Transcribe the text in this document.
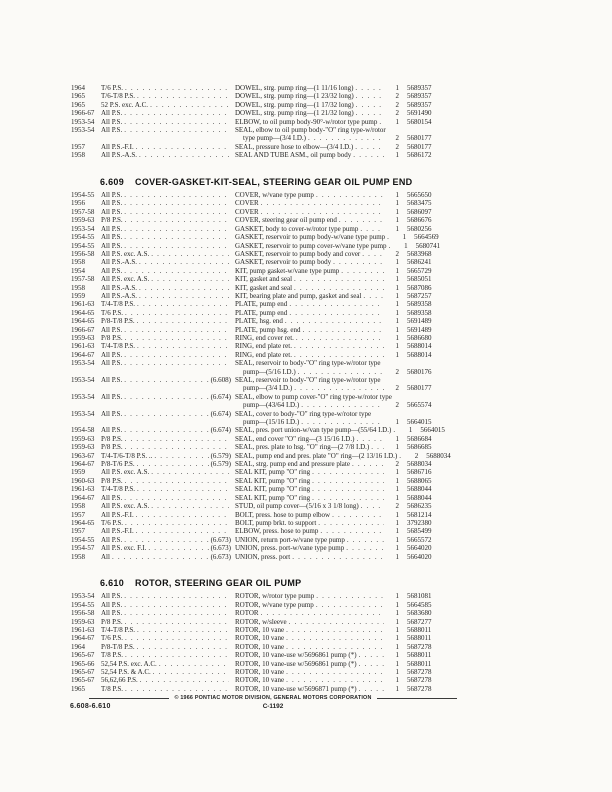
1964	T/6 P.S. . . .	DOWEL, strg. pump ring—(1 11/16 long) . . .	1 5689357
1965	T/6-T/8 P.S. . . .	DOWEL, strg. pump ring—(1 23/32 long) . . .	2 5689357
1965	52 P.S. exc. A.C. . . .	DOWEL, strg. pump ring—(1 17/32 long) . . .	2 5689357
1966-67 All P.S. . . .	DOWEL, strg. pump ring—(1 21/32 long) . . .	2 5691490
1953-54 All P.S. . . .	ELBOW, to oil pump body-90°-w/rotor type pump . . .	1 5680154
1953-54 All P.S. . . .	SEAL, elbow to oil pump body-"O" ring type-w/rotor
type pump—(3/4 I.D.) . . .	2 5680177
1957	All P.S.-F.I. . . .	SEAL, pressure hose to elbow—(3/4 I.D.) . . .	2 5680177
1958	All P.S.-A.S. . . .	SEAL AND TUBE ASM., oil pump body . . .	1 5686172
6.609 COVER-GASKET-KIT-SEAL, STEERING GEAR OIL PUMP END
1954-55 All P.S. . . .	COVER, w/vane type pump . . .	1 5665650
1956	All P.S. . . .	COVER . . .	1 5683475
1957-58 All P.S. . . .	COVER . . .	1 5686097
1959-63 P/8 P.S. . . .	COVER, steering gear oil pump end . . .	1 5686676
1953-54 All P.S. . . .	GASKET, body to cover-w/rotor type pump . . .	1 5680256
1954-55 All P.S. . . .	GASKET, reservoir to pump body-w/vane type pump . . .	1 5664569
1954-55 All P.S. . . .	GASKET, reservoir to pump cover-w/vane type pump . . .	1 5680741
1956-58 All P.S. exc. A.S. . . .	GASKET, reservoir to pump body and cover . . .	2 5683968
1958	All P.S.-A.S. . . .	GASKET, reservoir to pump body . . .	1 5686241
1954	All P.S. . . .	KIT, pump gasket-w/vane type pump . . .	1 5665729
1957-58 All P.S. exc. A.S. . . .	KIT, gasket and seal . . .	1 5685051
1958	All P.S.-A.S. . . .	KIT, gasket and seal . . .	1 5687086
1959	All P.S.-A.S. . . .	KIT, bearing plate and pump, gasket and seal . . .	1 5687257
1961-63 T/4-T/8 P.S. . . .	PLATE, pump end . . .	1 5689358
1964-65 T/6 P.S. . . .	PLATE, pump end . . .	1 5689358
1964-65 P/8-T/8 P.S. . . .	PLATE, hsg. end . . .	1 5691489
1966-67 All P.S. . . .	PLATE, pump hsg. end . . .	1 5691489
1959-63 P/8 P.S. . . .	RING, end cover ret. . . .	1 5686680
1961-63 T/4-T/8 P.S. . . .	RING, end plate ret. . . .	1 5688014
1964-67 All P.S. . . .	RING, end plate ret. . . .	1 5688014
1953-54 All P.S. . . .	SEAL, reservoir to body-"O" ring type-w/rotor type
pump—(5/16 I.D.) . . .	2 5680176
1953-54 All P.S. . . .	(6.608) SEAL, reservoir to body-"O" ring type-w/rotor type
pump—(3/4 I.D.) . . .	2 5680177
1953-54 All P.S. . . .	(6.674) SEAL, elbow to pump cover-"O" ring type-w/rotor type
pump—(43/64 I.D.) . . .	2 5665574
1953-54 All P.S. . . .	(6.674) SEAL, cover to body-"O" ring type-w/rotor type
pump—(15/16 I.D.) . . .	1 5664015
1954-58 All P.S. . . .	(6.674) SEAL, pres. port union-w/van type pump—(55/64 I.D.) . . .	1 5664015
1959-63 P/8 P.S. . . .	SEAL, end cover "O" ring—(3 15/16 I.D.) . . .	1 5686684
1959-63 P/8 P.S. . . .	SEAL, pres. plate to hsg. "O" ring—(2 7/8 I.D.) . . .	1 5686685
1963-67 T/4-T/6-T/8 P.S. .. . . .	(6.579) SEAL, pump end and pres. plate "O" ring—(2 13/16 I.D.) . . .	2 5688034
1964-67 P/8-T/6 P.S. . . .	(6.579) SEAL, strg. pump end and pressure plate . . .	2 5688034
1959	All P.S. exc. A.S. . . .	SEAL KIT, pump "O" ring . . .	1 5686716
1960-63 P/8 P.S. . . .	SEAL KIT, pump "O" ring . . .	1 5688065
1961-63 T/4-T/8 P.S. . . .	SEAL KIT, pump "O" ring . . .	1 5688044
1964-67 All P.S. . . .	SEAL KIT, pump "O" ring . . .	1 5688044
1958	All P.S. exc. A.S. . . .	STUD, oil pump cover—(5/16 x 3 1/8 long) . . .	2 5686235
1957	All P.S.-F.I. . . .	BOLT, press. hose to pump elbow . . .	1 5681214
1964-65 T/6 P.S. . . .	BOLT, pump brkt. to support . . .	1 3792380
1957	All P.S.-F.I. . . .	ELBOW, press. hose to pump . . .	1 5685499
1954-55 All P.S. . . .	(6.673) UNION, return port-w/vane type pump . . .	1 5665572
1954-57 All P.S. exc. F.I. . . .	(6.673) UNION, press. port-w/vane type pump . . .	1 5664020
1958	All . . .	(6.673) UNION, press. port . . .	1 5664020
6.610 ROTOR, STEERING GEAR OIL PUMP
1953-54 All P.S. . . .	ROTOR, w/rotor type pump . . .	1 5681081
1954-55 All P.S. . . .	ROTOR, w/vane type pump . . .	1 5664585
1956-58 All P.S. . . .	ROTOR . . .	1 5683680
1959-63 P/8 P.S. . . .	ROTOR, w/sleeve . . .	1 5687277
1961-63 T/4-T/8 P.S. . . .	ROTOR, 10 vane . . .	1 5688011
1964-67 T/6 P.S. . . .	ROTOR, 10 vane . . .	1 5688011
1964	P/8-T/8 P.S. . . .	ROTOR, 10 vane . . .	1 5687278
1965-67 T/8 P.S. . . .	ROTOR, 10 vane-use w/5696861 pump (*) . . .	1 5688011
1965-66 52,54 P.S. exc. A.C. . . .	ROTOR, 10 vane-use w/5696861 pump (*) . . .	1 5688011
1965-67 52,54 P.S. & A.C. . . .	ROTOR, 10 vane . . .	1 5687278
1965-67 56,62,66 P.S. . . .	ROTOR, 10 vane . . .	1 5687278
1965	T/8 P.S. . . .	ROTOR, 10 vane-use w/5696871 pump (*) . . .	1 5687278
© 1966 PONTIAC MOTOR DIVISION, GENERAL MOTORS CORPORATION
C-1192
6.608-6.610
